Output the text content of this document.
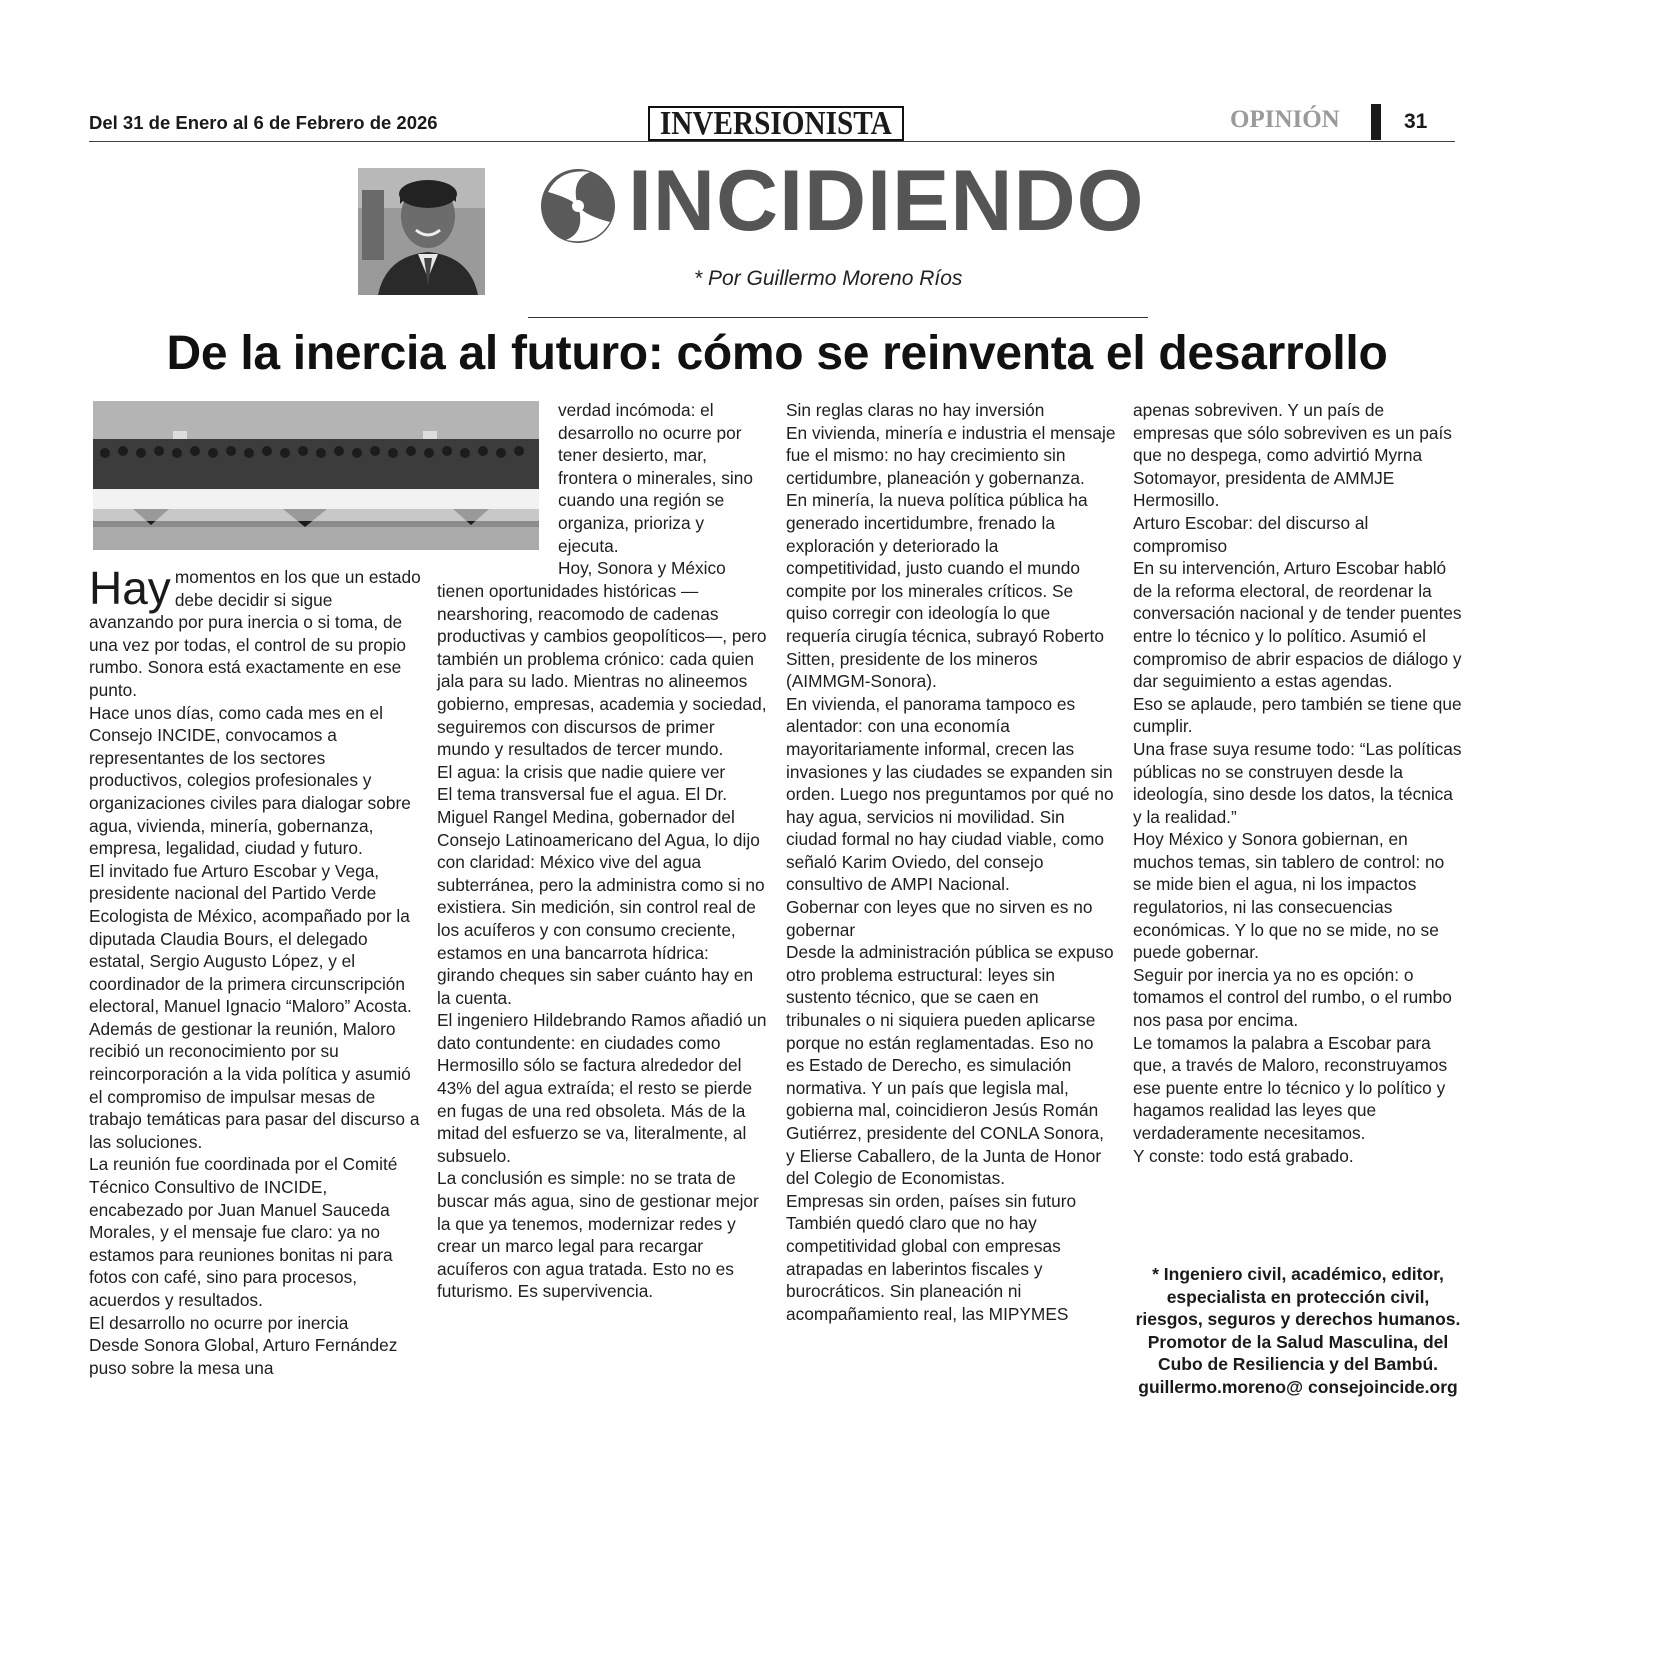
Del 31 de Enero al 6 de Febrero de 2026	INVERSIONISTA	OPINIÓN	31
INCIDIENDO
* Por Guillermo Moreno Ríos
De la inercia al futuro: cómo se reinventa el desarrollo

Hay momentos en los que un estado debe decidir si sigue avanzando por pura inercia o si toma, de una vez por todas, el control de su propio rumbo. Sonora está exactamente en ese punto.

Hace unos días, como cada mes en el Consejo INCIDE, convocamos a representantes de los sectores productivos, colegios profesionales y organizaciones civiles para dialogar sobre agua, vivienda, minería, gobernanza, empresa, legalidad, ciudad y futuro.

El invitado fue Arturo Escobar y Vega, presidente nacional del Partido Verde Ecologista de México, acompañado por la diputada Claudia Bours, el delegado estatal, Sergio Augusto López, y el coordinador de la primera circunscripción electoral, Manuel Ignacio “Maloro” Acosta. Además de gestionar la reunión, Maloro recibió un reconocimiento por su reincorporación a la vida política y asumió el compromiso de impulsar mesas de trabajo temáticas para pasar del discurso a las soluciones.

La reunión fue coordinada por el Comité Técnico Consultivo de INCIDE, encabezado por Juan Manuel Sauceda Morales, y el mensaje fue claro: ya no estamos para reuniones bonitas ni para fotos con café, sino para procesos, acuerdos y resultados.

El desarrollo no ocurre por inercia

Desde Sonora Global, Arturo Fernández puso sobre la mesa una

verdad incómoda: el desarrollo no ocurre por tener desierto, mar, frontera o minerales, sino cuando una región se organiza, prioriza y ejecuta.

Hoy, Sonora y México

tienen oportunidades históricas —nearshoring, reacomodo de cadenas productivas y cambios geopolíticos—, pero también un problema crónico: cada quien jala para su lado. Mientras no alineemos gobierno, empresas, academia y sociedad, seguiremos con discursos de primer mundo y resultados de tercer mundo.

El agua: la crisis que nadie quiere ver

El tema transversal fue el agua. El Dr. Miguel Rangel Medina, gobernador del Consejo Latinoamericano del Agua, lo dijo con claridad: México vive del agua subterránea, pero la administra como si no existiera. Sin medición, sin control real de los acuíferos y con consumo creciente, estamos en una bancarrota hídrica: girando cheques sin saber cuánto hay en la cuenta.

El ingeniero Hildebrando Ramos añadió un dato contundente: en ciudades como Hermosillo sólo se factura alrededor del 43% del agua extraída; el resto se pierde en fugas de una red obsoleta. Más de la mitad del esfuerzo se va, literalmente, al subsuelo.

La conclusión es simple: no se trata de buscar más agua, sino de gestionar mejor la que ya tenemos, modernizar redes y crear un marco legal para recargar acuíferos con agua tratada. Esto no es futurismo. Es supervivencia.

Sin reglas claras no hay inversión

En vivienda, minería e industria el mensaje fue el mismo: no hay crecimiento sin certidumbre, planeación y gobernanza.

En minería, la nueva política pública ha generado incertidumbre, frenado la exploración y deteriorado la competitividad, justo cuando el mundo compite por los minerales críticos. Se quiso corregir con ideología lo que requería cirugía técnica, subrayó Roberto Sitten, presidente de los mineros (AIMMGM-Sonora).

En vivienda, el panorama tampoco es alentador: con una economía mayoritariamente informal, crecen las invasiones y las ciudades se expanden sin orden. Luego nos preguntamos por qué no hay agua, servicios ni movilidad. Sin ciudad formal no hay ciudad viable, como señaló Karim Oviedo, del consejo consultivo de AMPI Nacional.

Gobernar con leyes que no sirven es no gobernar

Desde la administración pública se expuso otro problema estructural: leyes sin sustento técnico, que se caen en tribunales o ni siquiera pueden aplicarse porque no están reglamentadas. Eso no es Estado de Derecho, es simulación normativa. Y un país que legisla mal, gobierna mal, coincidieron Jesús Román Gutiérrez, presidente del CONLA Sonora, y Elierse Caballero, de la Junta de Honor del Colegio de Economistas.

Empresas sin orden, países sin futuro

También quedó claro que no hay competitividad global con empresas atrapadas en laberintos fiscales y burocráticos. Sin planeación ni acompañamiento real, las MIPYMES

apenas sobreviven. Y un país de empresas que sólo sobreviven es un país que no despega, como advirtió Myrna Sotomayor, presidenta de AMMJE Hermosillo.

Arturo Escobar: del discurso al compromiso

En su intervención, Arturo Escobar habló de la reforma electoral, de reordenar la conversación nacional y de tender puentes entre lo técnico y lo político. Asumió el compromiso de abrir espacios de diálogo y dar seguimiento a estas agendas.

Eso se aplaude, pero también se tiene que cumplir.

Una frase suya resume todo: “Las políticas públicas no se construyen desde la ideología, sino desde los datos, la técnica y la realidad.”

Hoy México y Sonora gobiernan, en muchos temas, sin tablero de control: no se mide bien el agua, ni los impactos regulatorios, ni las consecuencias económicas. Y lo que no se mide, no se puede gobernar.

Seguir por inercia ya no es opción: o tomamos el control del rumbo, o el rumbo nos pasa por encima.

Le tomamos la palabra a Escobar para que, a través de Maloro, reconstruyamos ese puente entre lo técnico y lo político y hagamos realidad las leyes que verdaderamente necesitamos.

Y conste: todo está grabado.

* Ingeniero civil, académico, editor, especialista en protección civil, riesgos, seguros y derechos humanos. Promotor de la Salud Masculina, del Cubo de Resiliencia y del Bambú. guillermo.moreno@ consejoincide.org
